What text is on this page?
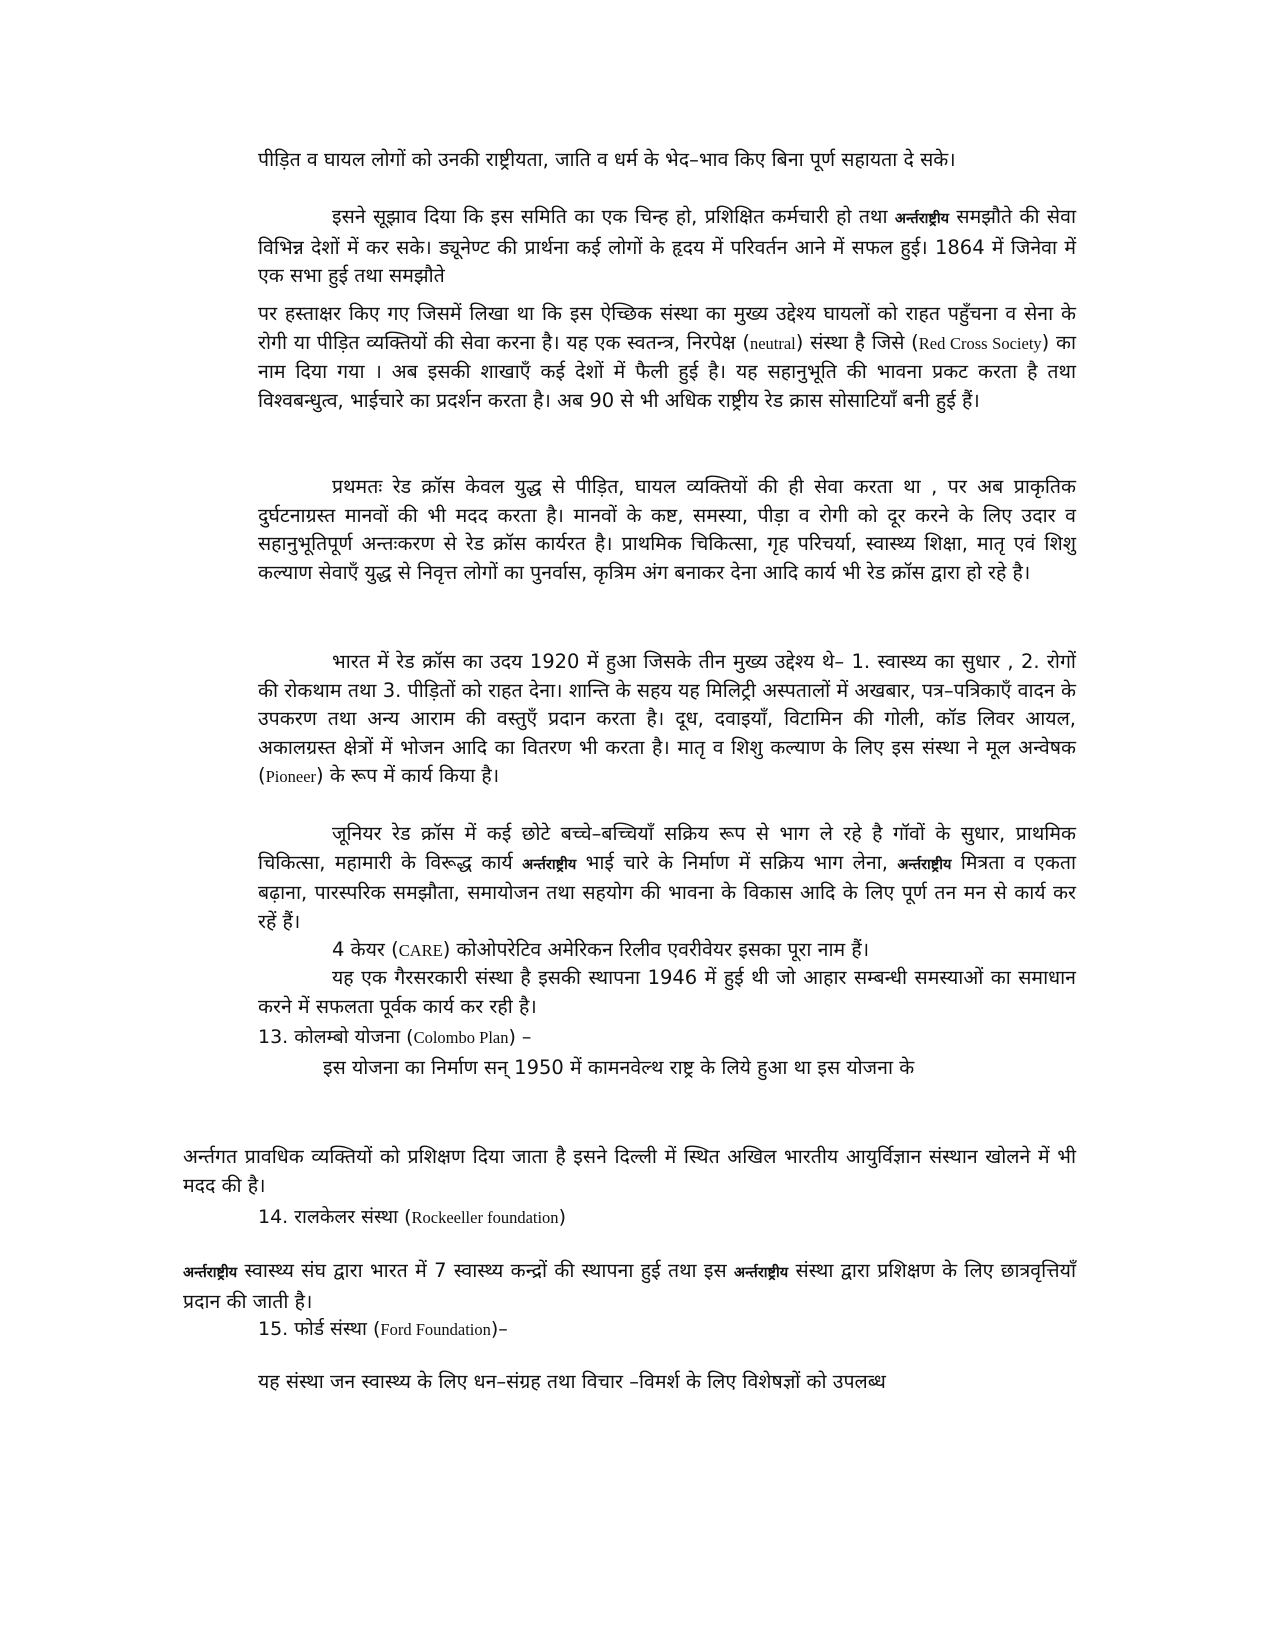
पीड़ित व घायल लोगों को उनकी राष्ट्रीयता, जाति व धर्म के भेद–भाव किए बिना पूर्ण सहायता दे सके।

इसने सूझाव दिया कि इस समिति का एक चिन्ह हो, प्रशिक्षित कर्मचारी हो तथा अर्न्तराष्ट्रीय समझौते की सेवा विभिन्न देशों में कर सके। ड्यूनेण्ट की प्रार्थना कई लोगों के हृदय में परिवर्तन आने में सफल हुई। 1864 में जिनेवा में एक सभा हुई तथा समझौते

पर हस्ताक्षर किए गए जिसमें लिखा था कि इस ऐच्छिक संस्था का मुख्य उद्देश्य घायलों को राहत पहुँचना व सेना के रोगी या पीड़ित व्यक्तियों की सेवा करना है। यह एक स्वतन्त्र, निरपेक्ष (neutral) संस्था है जिसे (Red Cross Society) का नाम दिया गया । अब इसकी शाखाएँ कई देशों में फैली हुई है। यह सहानुभूति की भावना प्रकट करता है तथा विश्वबन्धुत्व, भाईचारे का प्रदर्शन करता है। अब 90 से भी अधिक राष्ट्रीय रेड क्रास सोसाटियाँ बनी हुई हैं।

प्रथमतः रेड क्रॉस केवल युद्ध से पीड़ित, घायल व्यक्तियों की ही सेवा करता था , पर अब प्राकृतिक दुर्घटनाग्रस्त मानवों की भी मदद करता है। मानवों के कष्ट, समस्या, पीड़ा व रोगी को दूर करने के लिए उदार व सहानुभूतिपूर्ण अन्तःकरण से रेड क्रॉस कार्यरत है। प्राथमिक चिकित्सा, गृह परिचर्या, स्वास्थ्य शिक्षा, मातृ एवं शिशु कल्याण सेवाएँ युद्ध से निवृत्त लोगों का पुनर्वास, कृत्रिम अंग बनाकर देना आदि कार्य भी रेड क्रॉस द्वारा हो रहे है।

भारत में रेड क्रॉस का उदय 1920 में हुआ जिसके तीन मुख्य उद्देश्य थे– 1. स्वास्थ्य का सुधार , 2. रोगों की रोकथाम तथा 3. पीड़ितों को राहत देना। शान्ति के सहय यह मिलिट्री अस्पतालों में अखबार, पत्र–पत्रिकाएँ वादन के उपकरण तथा अन्य आराम की वस्तुएँ प्रदान करता है। दूध, दवाइयाँ, विटामिन की गोली, कॉड लिवर आयल, अकालग्रस्त क्षेत्रों में भोजन आदि का वितरण भी करता है। मातृ व शिशु कल्याण के लिए इस संस्था ने मूल अन्वेषक (Pioneer) के रूप में कार्य किया है।

जूनियर रेड क्रॉस में कई छोटे बच्चे–बच्चियाँ सक्रिय रूप से भाग ले रहे है गॉवों के सुधार, प्राथमिक चिकित्सा, महामारी के विरूद्ध कार्य अर्न्तराष्ट्रीय भाई चारे के निर्माण में सक्रिय भाग लेना, अर्न्तराष्ट्रीय मित्रता व एकता बढ़ाना, पारस्परिक समझौता, समायोजन तथा सहयोग की भावना के विकास आदि के लिए पूर्ण तन मन से कार्य कर रहें हैं।

4 केयर (CARE) कोओपरेटिव अमेरिकन रिलीव एवरीवेयर इसका पूरा नाम हैं।

यह एक गैरसरकारी संस्था है इसकी स्थापना 1946 में हुई थी जो आहार सम्बन्धी समस्याओं का समाधान करने में सफलता पूर्वक कार्य कर रही है।

13. कोलम्बो योजना (Colombo Plan) –

इस योजना का निर्माण सन् 1950 में कामनवेल्थ राष्ट्र के लिये हुआ था इस योजना के

अर्न्तगत प्रावधिक व्यक्तियों को प्रशिक्षण दिया जाता है इसने दिल्ली में स्थित अखिल भारतीय आयुर्विज्ञान संस्थान खोलने में भी मदद की है।

14. रालकेलर संस्था (Rockeeller foundation)

अर्न्तराष्ट्रीय स्वास्थ्य संघ द्वारा भारत में 7 स्वास्थ्य कन्द्रों की स्थापना हुई तथा इस अर्न्तराष्ट्रीय संस्था द्वारा प्रशिक्षण के लिए छात्रवृत्तियाँ प्रदान की जाती है।

15. फोर्ड संस्था (Ford Foundation)–

यह संस्था जन स्वास्थ्य के लिए धन–संग्रह तथा विचार –विमर्श के लिए विशेषज्ञों को उपलब्ध
